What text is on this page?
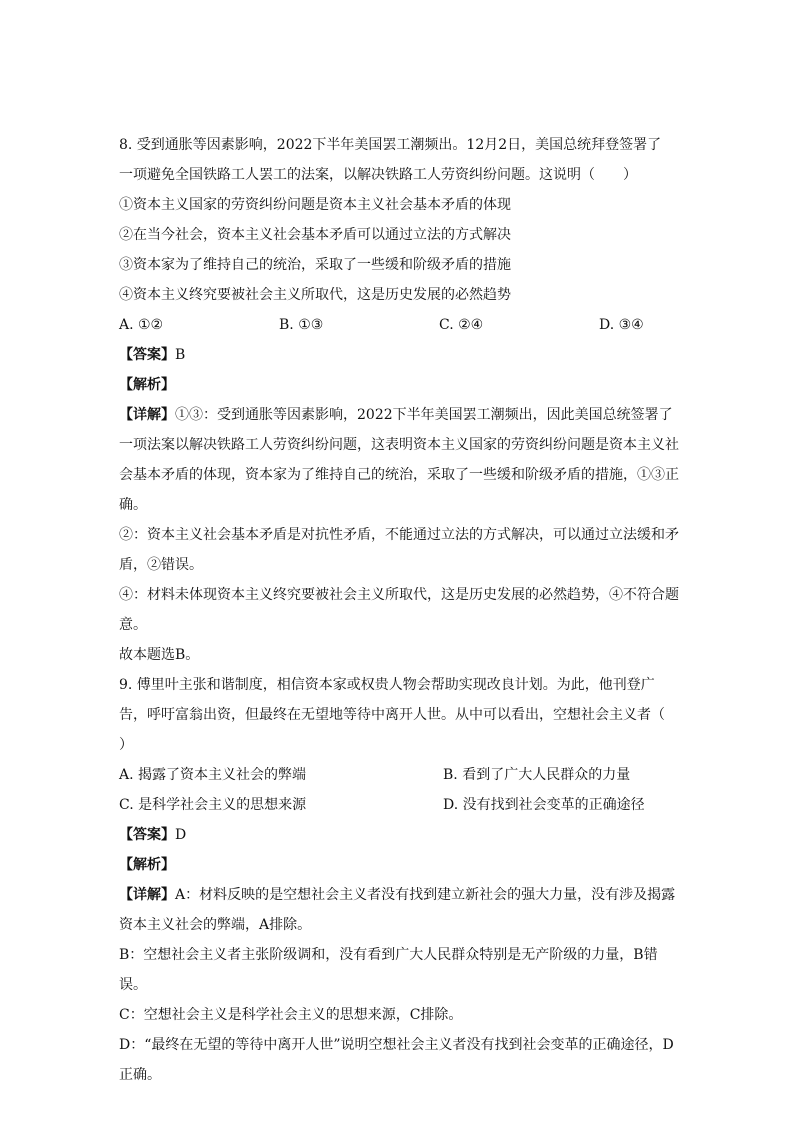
8. 受到通胀等因素影响，2022下半年美国罢工潮频出。12月2日，美国总统拜登签署了
一项避免全国铁路工人罢工的法案，以解决铁路工人劳资纠纷问题。这说明（　　）
①资本主义国家的劳资纠纷问题是资本主义社会基本矛盾的体现
②在当今社会，资本主义社会基本矛盾可以通过立法的方式解决
③资本家为了维持自己的统治，采取了一些缓和阶级矛盾的措施
④资本主义终究要被社会主义所取代，这是历史发展的必然趋势
A. ①②	B. ①③	C. ②④	D. ③④
【答案】B
【解析】
【详解】①③：受到通胀等因素影响，2022下半年美国罢工潮频出，因此美国总统签署了一项法案以解决铁路工人劳资纠纷问题，这表明资本主义国家的劳资纠纷问题是资本主义社会基本矛盾的体现，资本家为了维持自己的统治，采取了一些缓和阶级矛盾的措施，①③正确。
②：资本主义社会基本矛盾是对抗性矛盾，不能通过立法的方式解决，可以通过立法缓和矛盾，②错误。
④：材料未体现资本主义终究要被社会主义所取代，这是历史发展的必然趋势，④不符合题意。
故本题选B。
9. 傅里叶主张和谐制度，相信资本家或权贵人物会帮助实现改良计划。为此，他刊登广告，呼吁富翁出资，但最终在无望地等待中离开人世。从中可以看出，空想社会主义者（　　）
A. 揭露了资本主义社会的弊端	B. 看到了广大人民群众的力量
C. 是科学社会主义的思想来源	D. 没有找到社会变革的正确途径
【答案】D
【解析】
【详解】A：材料反映的是空想社会主义者没有找到建立新社会的强大力量，没有涉及揭露资本主义社会的弊端，A排除。
B：空想社会主义者主张阶级调和，没有看到广大人民群众特别是无产阶级的力量，B错误。
C：空想社会主义是科学社会主义的思想来源，C排除。
D：“最终在无望的等待中离开人世”说明空想社会主义者没有找到社会变革的正确途径，D正确。
